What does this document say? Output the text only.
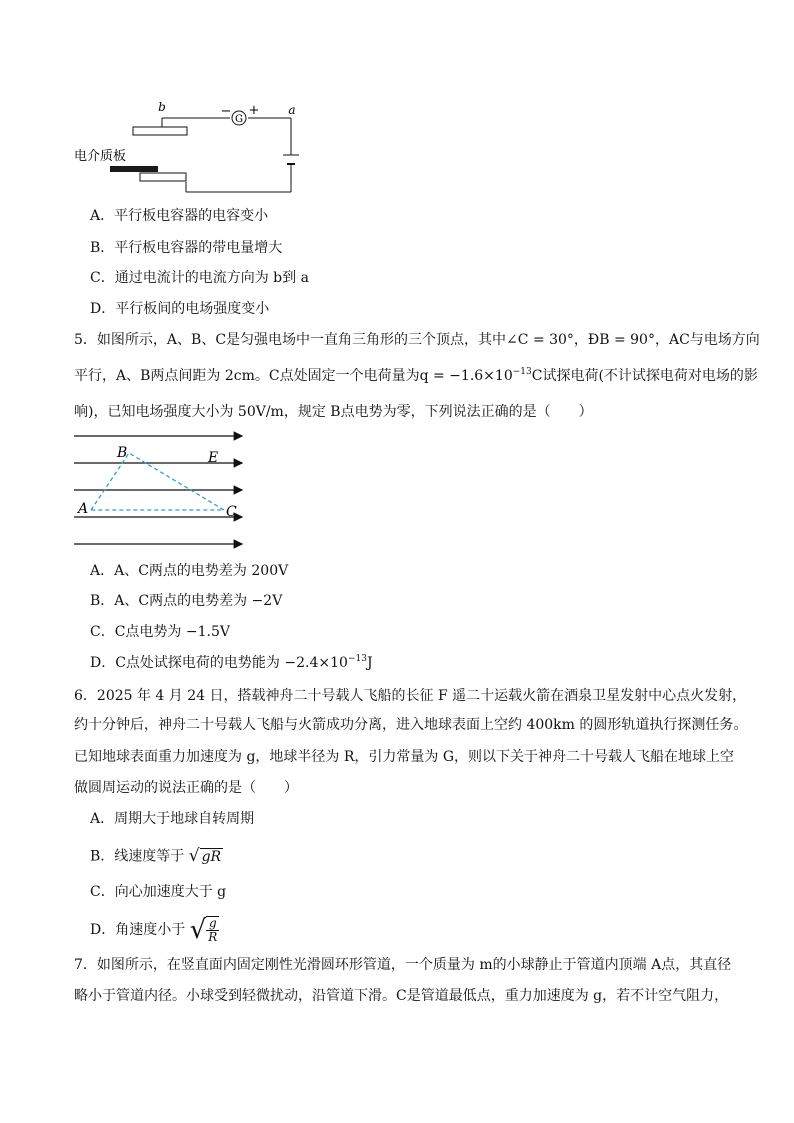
G
− +
b	a
电介质板
A．平行板电容器的电容变小
B．平行板电容器的带电量增大
C．通过电流计的电流方向为 b到 a
D．平行板间的电场强度变小
5．如图所示，A、B、C是匀强电场中一直角三角形的三个顶点，其中∠C = 30°，ÐB = 90°，AC与电场方向
平行，A、B两点间距为 2cm。C点处固定一个电荷量为$q = -1.6\times 10^{-13}C$试探电荷(不计试探电荷对电场的影
响)，已知电场强度大小为 50V/m，规定 B点电势为零，下列说法正确的是（　　）
B	E
A	C
A．A、C两点的电势差为 200V
B．A、C两点的电势差为 −2V
C．C点电势为 −1.5V
D．C点处试探电荷的电势能为 $-2.4\times 10^{-13}J$
6．2025 年 4 月 24 日，搭载神舟二十号载人飞船的长征 F 遥二十运载火箭在酒泉卫星发射中心点火发射，
约十分钟后，神舟二十号载人飞船与火箭成功分离，进入地球表面上空约 400km 的圆形轨道执行探测任务。
已知地球表面重力加速度为 g，地球半径为 R，引力常量为 G，则以下关于神舟二十号载人飞船在地球上空
做圆周运动的说法正确的是（　　）
A．周期大于地球自转周期
B．线速度等于 √ gR
C．向心加速度大于 g
D．角速度小于 √ $\frac{g}{R}$
7．如图所示，在竖直面内固定刚性光滑圆环形管道，一个质量为 m的小球静止于管道内顶端 A点，其直径
略小于管道内径。小球受到轻微扰动，沿管道下滑。C是管道最低点，重力加速度为 g，若不计空气阻力，
